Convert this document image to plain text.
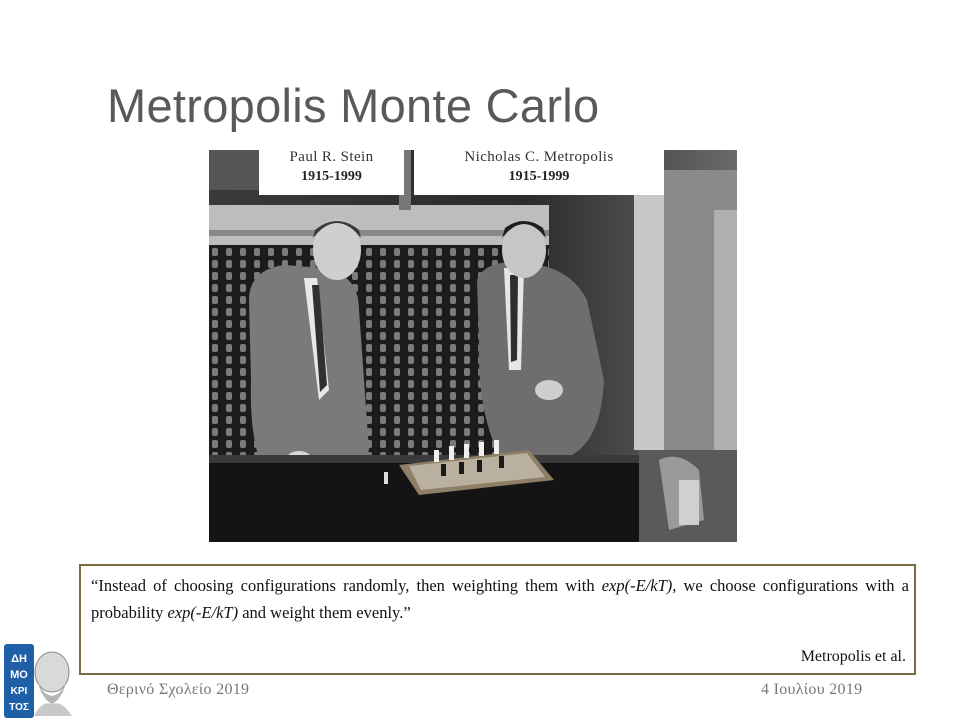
Metropolis Monte Carlo
Paul R. Stein
1915-1999
Nicholas C. Metropolis
1915-1999
“Instead of choosing configurations randomly, then weighting them with exp(-E/kT), we choose configurations with a probability exp(-E/kT) and weight them evenly.”
Metropolis et al.
ΔΗ
ΜΟ
ΚΡΙ
ΤΟΣ
Θερινό Σχολείο 2019	4 Ιουλίου 2019
